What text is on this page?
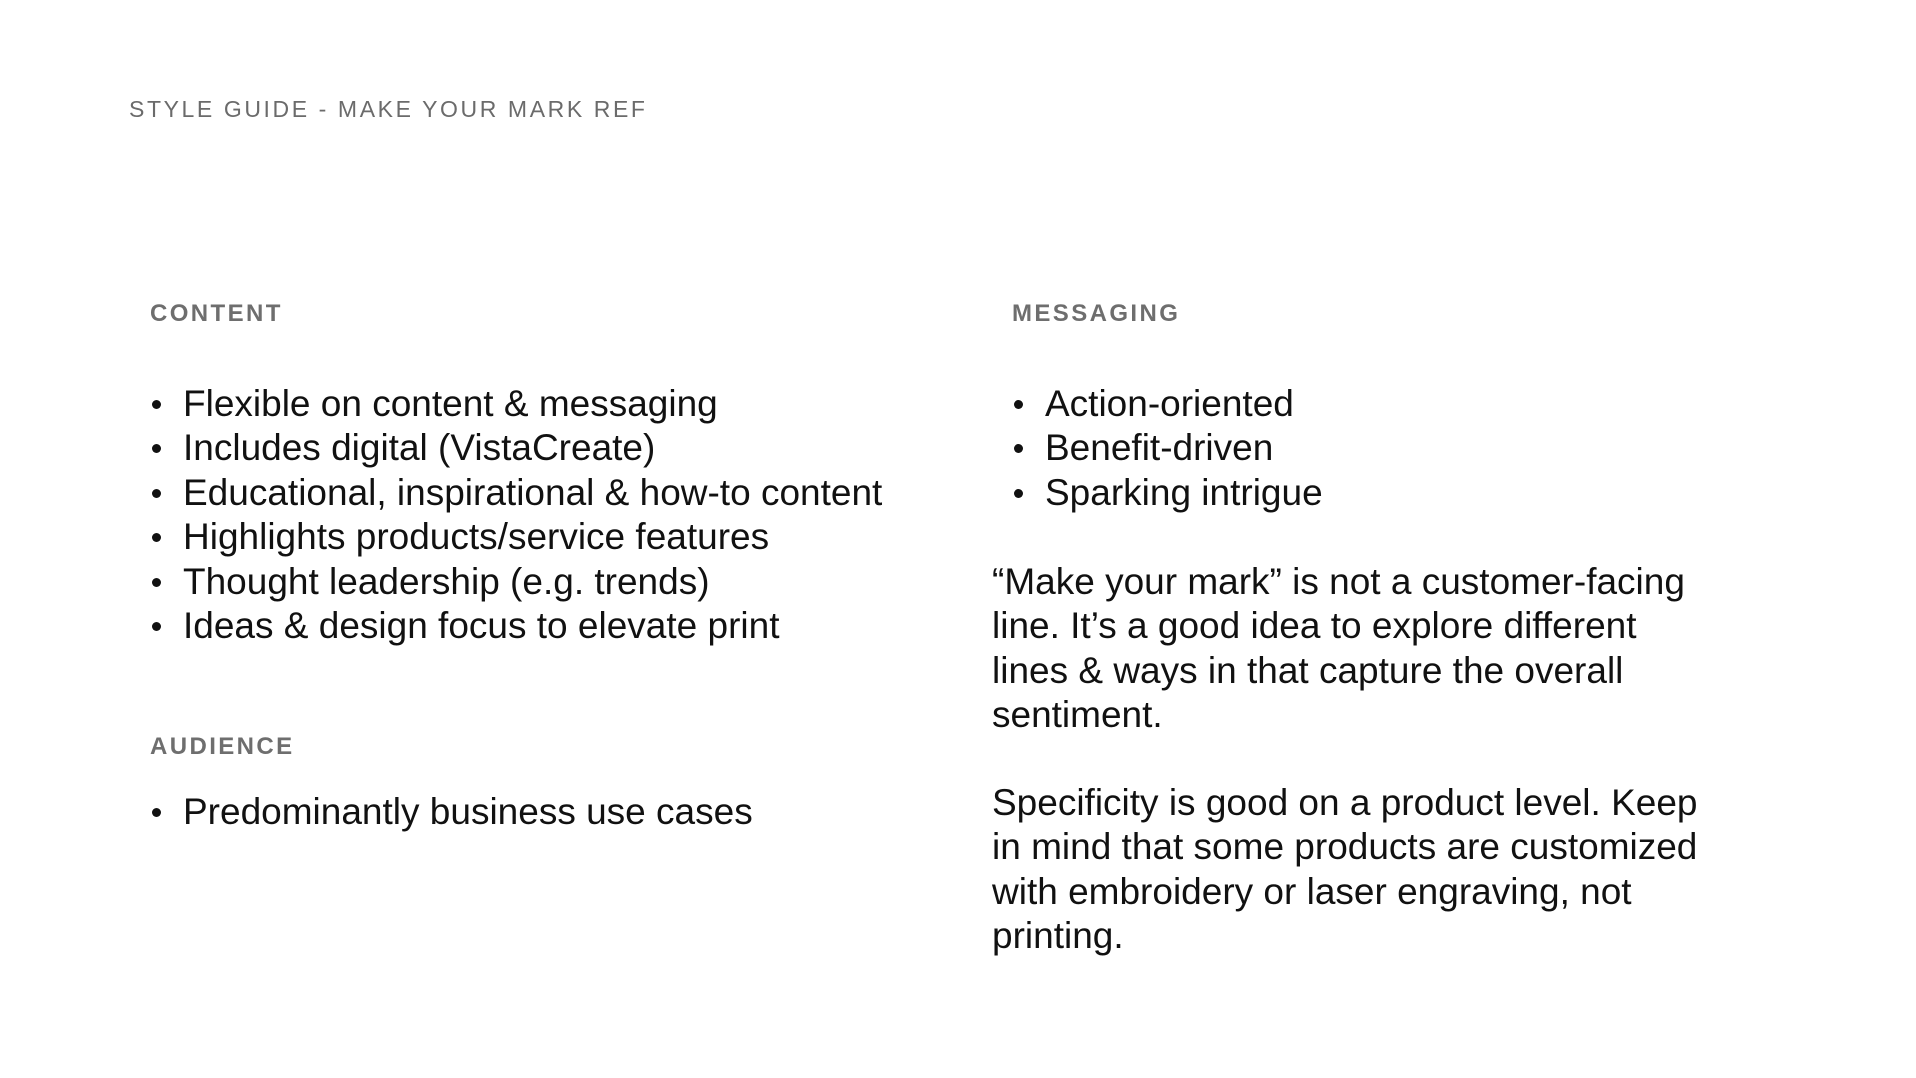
STYLE GUIDE - MAKE YOUR MARK REF
CONTENT
Flexible on content & messaging
Includes digital (VistaCreate)
Educational, inspirational & how-to content
Highlights products/service features
Thought leadership (e.g. trends)
Ideas & design focus to elevate print
AUDIENCE
Predominantly business use cases
MESSAGING
Action-oriented
Benefit-driven
Sparking intrigue

“Make your mark” is not a customer-facing line. It’s a good idea to explore different lines & ways in that capture the overall sentiment.

Specificity is good on a product level. Keep in mind that some products are customized with embroidery or laser engraving, not printing.
